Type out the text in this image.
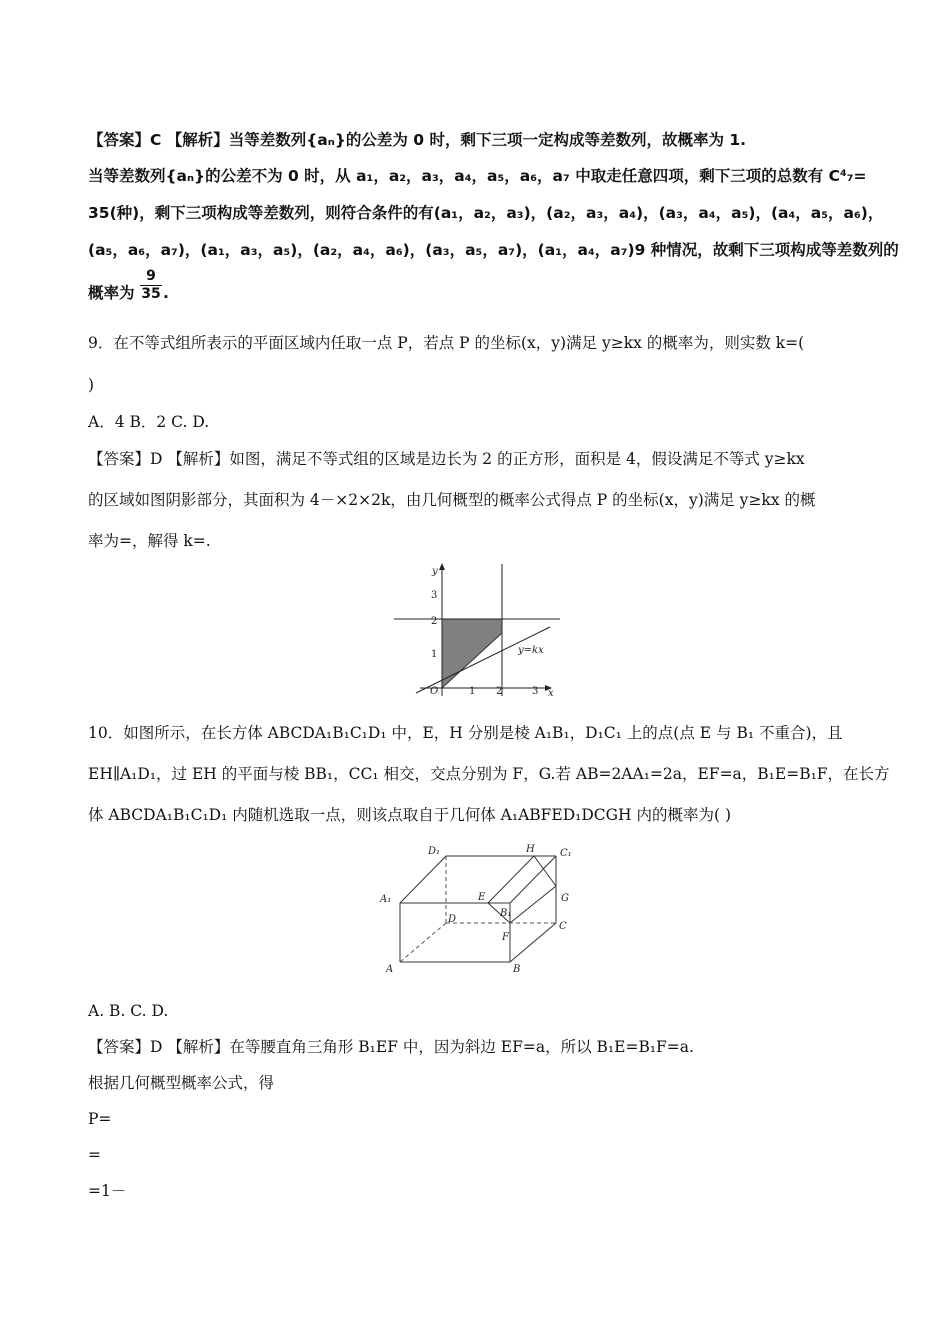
【答案】C 【解析】当等差数列{aₙ}的公差为 0 时，剩下三项一定构成等差数列，故概率为 1.
当等差数列{aₙ}的公差不为 0 时，从 a₁，a₂，a₃，a₄，a₅，a₆，a₇ 中取走任意四项，剩下三项的总数有 C⁴₇=
35(种)，剩下三项构成等差数列，则符合条件的有(a₁，a₂，a₃)，(a₂，a₃，a₄)，(a₃，a₄，a₅)，(a₄，a₅，a₆)，
(a₅，a₆，a₇)，(a₁，a₃，a₅)，(a₂，a₄，a₆)，(a₃，a₅，a₇)，(a₁，a₄，a₇)9 种情况，故剩下三项构成等差数列的
概率为 $\frac{9}{35}$ .
9．在不等式组所表示的平面区域内任取一点 P，若点 P 的坐标(x，y)满足 y≥kx 的概率为，则实数 k=(
)
A．4 B．2 C. D.
【答案】D 【解析】如图，满足不等式组的区域是边长为 2 的正方形，面积是 4，假设满足不等式 y≥kx
的区域如图阴影部分，其面积为 4－×2×2k，由几何概型的概率公式得点 P 的坐标(x，y)满足 y≥kx 的概
率为=，解得 k=.
y
x
O	1 2	3
1
2
3
y=kx
10．如图所示，在长方体 ABCDA₁B₁C₁D₁ 中，E，H 分别是棱 A₁B₁，D₁C₁ 上的点(点 E 与 B₁ 不重合)，且
EH∥A₁D₁，过 EH 的平面与棱 BB₁，CC₁ 相交，交点分别为 F，G.若 AB=2AA₁=2a，EF=a，B₁E=B₁F，在长方
体 ABCDA₁B₁C₁D₁ 内随机选取一点，则该点取自于几何体 A₁ABFED₁DCGH 内的概率为( )
D₁	H	C₁
A₁	E	G
B₁
D
C
F
A	B
A. B. C. D.
【答案】D 【解析】在等腰直角三角形 B₁EF 中，因为斜边 EF=a，所以 B₁E=B₁F=a.
根据几何概型概率公式，得
P=
=
=1－
